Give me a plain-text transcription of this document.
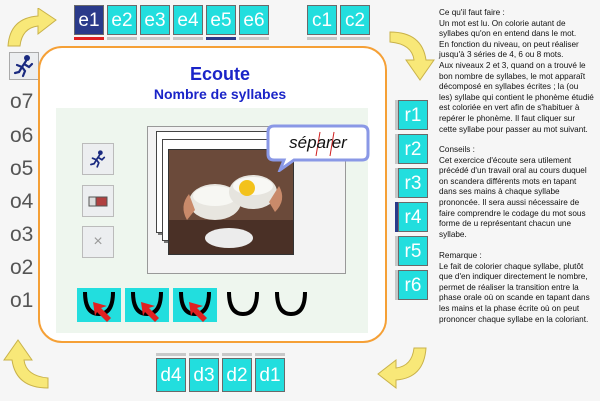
e1 e2 e3 e4 e5 e6 c1 c2
o7
o6
o5
o4
o3
o2
o1
Ecoute
Nombre de syllabes
×
séparer
r1
r2
r3
r4
r5
r6
d4 d3 d2 d1
Ce qu'il faut faire :
Un mot est lu. On colorie autant de
syllabes qu'on en entend dans le mot.
En fonction du niveau, on peut réaliser
jusqu'à 3 séries de 4, 6 ou 8 mots.
Aux niveaux 2 et 3, quand on a trouvé le
bon nombre de syllabes, le mot apparaît
décomposé en syllabes écrites ; la (ou
les) syllabe qui contient le phonème étudié
est coloriée en vert afin de s'habituer à
repérer le phonème. Il faut cliquer sur
cette syllabe pour passer au mot suivant.
Conseils :
Cet exercice d'écoute sera utilement
précédé d'un travail oral au cours duquel
on scandera différents mots en tapant
dans ses mains à chaque syllabe
prononcée. Il sera aussi nécessaire de
faire comprendre le codage du mot sous
forme de u représentant chacun une
syllabe.
Remarque :
Le fait de colorier chaque syllabe, plutôt
que d'en indiquer directement le nombre,
permet de réaliser la transition entre la
phase orale où on scande en tapant dans
les mains et la phase écrite où on peut
prononcer chaque syllabe en la coloriant.
